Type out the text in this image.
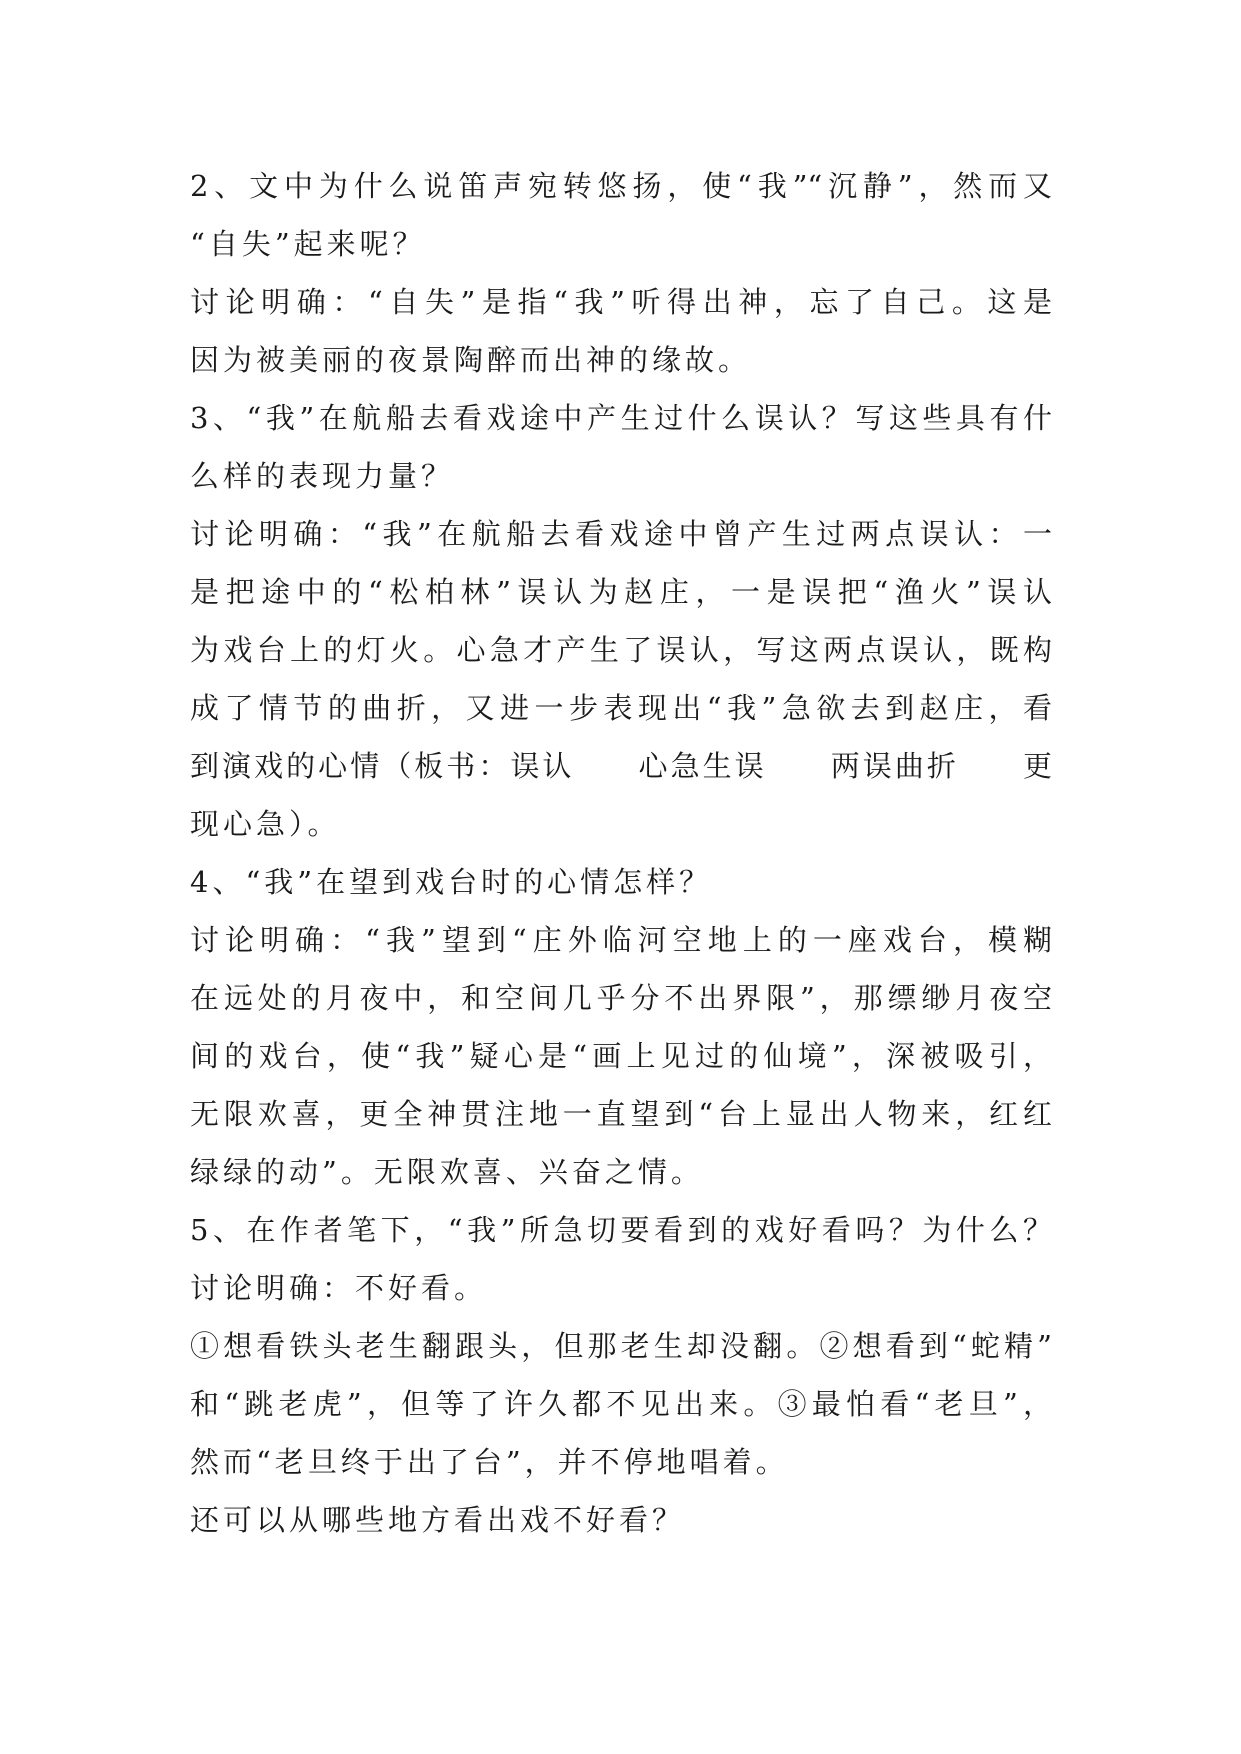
2、文中为什么说笛声宛转悠扬，使“我”“沉静”，然而又
“自失”起来呢？
讨论明确：“自失”是指“我”听得出神，忘了自己。这是
因为被美丽的夜景陶醉而出神的缘故。
3、“我”在航船去看戏途中产生过什么误认？写这些具有什
么样的表现力量？
讨论明确：“我”在航船去看戏途中曾产生过两点误认：一
是把途中的“松柏林”误认为赵庄，一是误把“渔火”误认
为戏台上的灯火。心急才产生了误认，写这两点误认，既构
成了情节的曲折，又进一步表现出“我”急欲去到赵庄，看
到演戏的心情（板书：误认　　心急生误　　两误曲折　　更
现心急）。
4、“我”在望到戏台时的心情怎样？
讨论明确：“我”望到“庄外临河空地上的一座戏台，模糊
在远处的月夜中，和空间几乎分不出界限”，那缥缈月夜空
间的戏台，使“我”疑心是“画上见过的仙境”，深被吸引，
无限欢喜，更全神贯注地一直望到“台上显出人物来，红红
绿绿的动”。无限欢喜、兴奋之情。
5、在作者笔下，“我”所急切要看到的戏好看吗？为什么？
讨论明确：不好看。
①想看铁头老生翻跟头，但那老生却没翻。②想看到“蛇精”
和“跳老虎”，但等了许久都不见出来。③最怕看“老旦”，
然而“老旦终于出了台”，并不停地唱着。
还可以从哪些地方看出戏不好看？
